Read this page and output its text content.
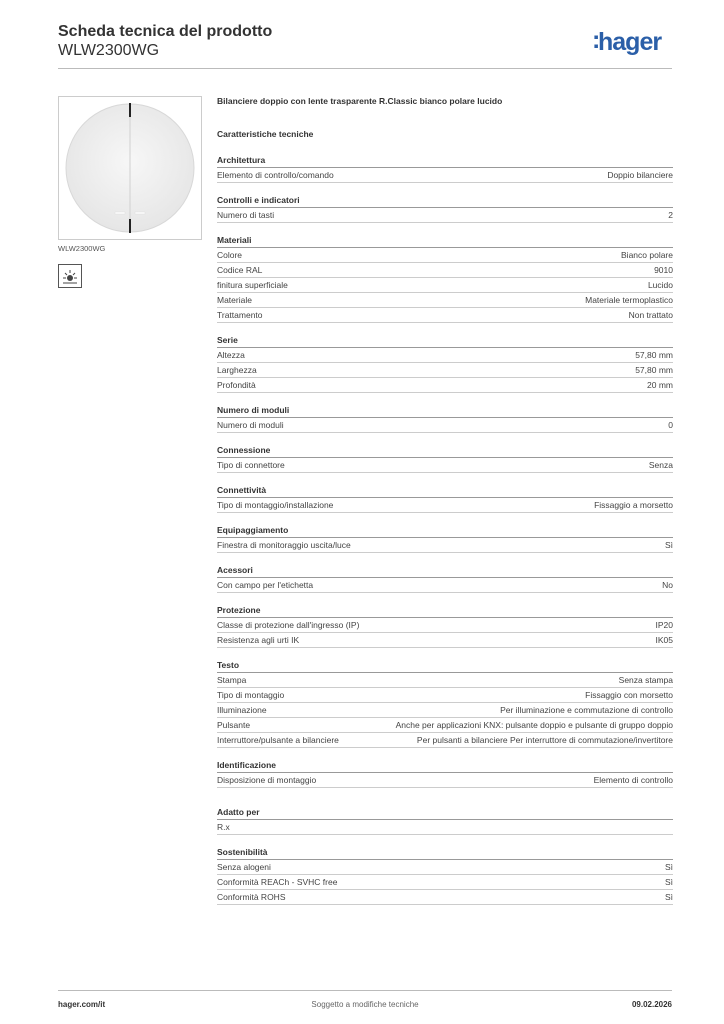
Scheda tecnica del prodotto
WLW2300WG	:hager
WLW2300WG
Bilanciere doppio con lente trasparente R.Classic bianco polare lucido
Caratteristiche tecniche
Architettura
Elemento di controllo/comando	Doppio bilanciere
Controlli e indicatori
Numero di tasti	2
Materiali
Colore	Bianco polare
Codice RAL	9010
finitura superficiale	Lucido
Materiale	Materiale termoplastico
Trattamento	Non trattato
Serie
Altezza	57,80 mm
Larghezza	57,80 mm
Profondità	20 mm
Numero di moduli
Numero di moduli	0
Connessione
Tipo di connettore	Senza
Connettività
Tipo di montaggio/installazione	Fissaggio a morsetto
Equipaggiamento
Finestra di monitoraggio uscita/luce	Sì
Acessori
Con campo per l'etichetta	No
Protezione
Classe di protezione dall'ingresso (IP)	IP20
Resistenza agli urti IK	IK05
Testo
Stampa	Senza stampa
Tipo di montaggio	Fissaggio con morsetto
Illuminazione	Per illuminazione e commutazione di controllo
Pulsante	Anche per applicazioni KNX: pulsante doppio e pulsante di gruppo doppio
Interruttore/pulsante a bilanciere	Per pulsanti a bilanciere Per interruttore di commutazione/invertitore
Identificazione
Disposizione di montaggio	Elemento di controllo
Adatto per
R.x
Sostenibilità
Senza alogeni	Sì
Conformità REACh - SVHC free	Sì
Conformità ROHS	Sì
hager.com/it	Soggetto a modifiche tecniche	09.02.2026
